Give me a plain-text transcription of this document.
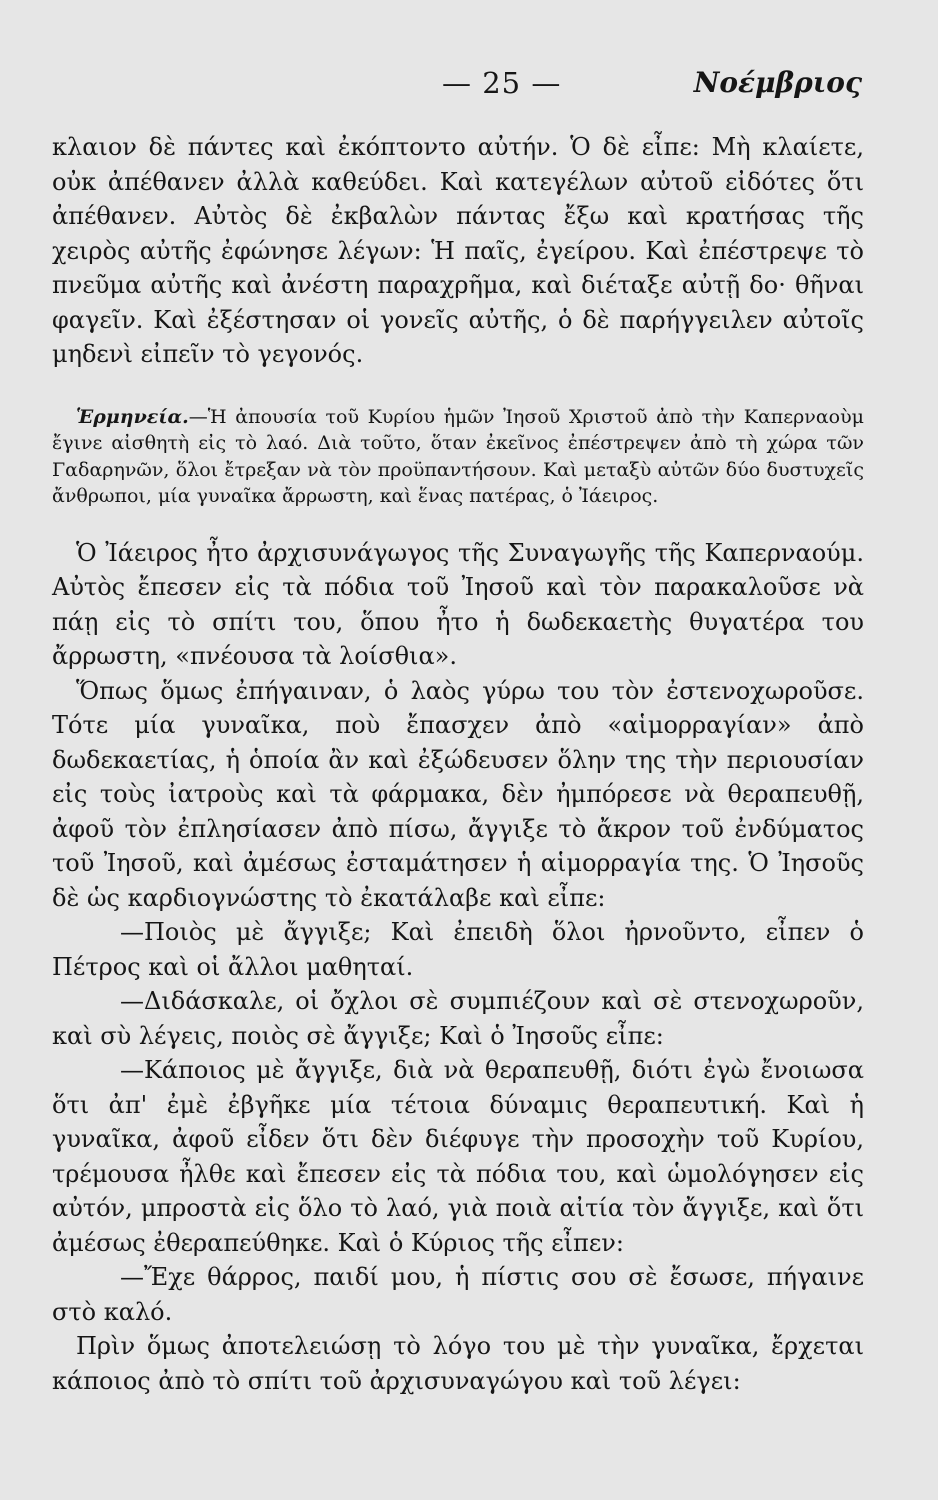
— 25 —	Νοέμβριος

κλαιον δὲ πάντες καὶ ἐκόπτοντο αὐτήν. Ὁ δὲ εἶπε: Μὴ κλαίετε, οὐκ ἀπέθανεν ἀλλὰ καθεύδει. Καὶ κατεγέλων αὐτοῦ εἰδότες ὅτι ἀπέθανεν. Αὐτὸς δὲ ἐκβαλὼν πάντας ἔξω καὶ κρατήσας τῆς χειρὸς αὐτῆς ἐφώνησε λέγων: Ἡ παῖς, ἐγείρου. Καὶ ἐπέστρεψε τὸ πνεῦμα αὐτῆς καὶ ἀνέστη παραχρῆμα, καὶ διέταξε αὐτῇ δο· θῆναι φαγεῖν. Καὶ ἐξέστησαν οἱ γονεῖς αὐτῆς, ὁ δὲ παρήγγειλεν αὐτοῖς μηδενὶ εἰπεῖν τὸ γεγονός.

Ἑρμηνεία.—Ἡ ἀπουσία τοῦ Κυρίου ἡμῶν Ἰησοῦ Χριστοῦ ἀπὸ τὴν Καπερναοὺμ ἔγινε αἰσθητὴ εἰς τὸ λαό. Διὰ τοῦτο, ὅταν ἐκεῖνος ἐπέστρεψεν ἀπὸ τὴ χώρα τῶν Γαδαρηνῶν, ὅλοι ἔτρεξαν νὰ τὸν προϋπαντήσουν. Καὶ μεταξὺ αὐτῶν δύο δυστυχεῖς ἄνθρωποι, μία γυναῖκα ἄρρωστη, καὶ ἕνας πατέρας, ὁ Ἰάειρος.

Ὁ Ἰάειρος ἦτο ἀρχισυνάγωγος τῆς Συναγωγῆς τῆς Καπερναούμ. Αὐτὸς ἔπεσεν εἰς τὰ πόδια τοῦ Ἰησοῦ καὶ τὸν παρακαλοῦσε νὰ πάῃ εἰς τὸ σπίτι του, ὅπου ἦτο ἡ δωδεκαετὴς θυγατέρα του ἄρρωστη, «πνέουσα τὰ λοίσθια».

Ὅπως ὅμως ἐπήγαιναν, ὁ λαὸς γύρω του τὸν ἐστενοχωροῦσε. Τότε μία γυναῖκα, ποὺ ἔπασχεν ἀπὸ «αἱμορραγίαν» ἀπὸ δωδεκαετίας, ἡ ὁποία ἂν καὶ ἐξώδευσεν ὅλην της τὴν περιουσίαν εἰς τοὺς ἰατροὺς καὶ τὰ φάρμακα, δὲν ἠμπόρεσε νὰ θεραπευθῇ, ἀφοῦ τὸν ἐπλησίασεν ἀπὸ πίσω, ἄγγιξε τὸ ἄκρον τοῦ ἐνδύματος τοῦ Ἰησοῦ, καὶ ἀμέσως ἐσταμάτησεν ἡ αἱμορραγία της. Ὁ Ἰησοῦς δὲ ὡς καρδιογνώστης τὸ ἐκατάλαβε καὶ εἶπε:

—Ποιὸς μὲ ἄγγιξε; Καὶ ἐπειδὴ ὅλοι ἠρνοῦντο, εἶπεν ὁ Πέτρος καὶ οἱ ἄλλοι μαθηταί.

—Διδάσκαλε, οἱ ὄχλοι σὲ συμπιέζουν καὶ σὲ στενοχωροῦν, καὶ σὺ λέγεις, ποιὸς σὲ ἄγγιξε; Καὶ ὁ Ἰησοῦς εἶπε:

—Κάποιος μὲ ἄγγιξε, διὰ νὰ θεραπευθῇ, διότι ἐγὼ ἔνοιωσα ὅτι ἀπ' ἐμὲ ἐβγῆκε μία τέτοια δύναμις θεραπευτική. Καὶ ἡ γυναῖκα, ἀφοῦ εἶδεν ὅτι δὲν διέφυγε τὴν προσοχὴν τοῦ Κυρίου, τρέμουσα ἦλθε καὶ ἔπεσεν εἰς τὰ πόδια του, καὶ ὡμολόγησεν εἰς αὐτόν, μπροστὰ εἰς ὅλο τὸ λαό, γιὰ ποιὰ αἰτία τὸν ἄγγιξε, καὶ ὅτι ἀμέσως ἐθεραπεύθηκε. Καὶ ὁ Κύριος τῆς εἶπεν:

—Ἔχε θάρρος, παιδί μου, ἡ πίστις σου σὲ ἔσωσε, πήγαινε στὸ καλό.

Πρὶν ὅμως ἀποτελειώσῃ τὸ λόγο του μὲ τὴν γυναῖκα, ἔρχεται κάποιος ἀπὸ τὸ σπίτι τοῦ ἀρχισυναγώγου καὶ τοῦ λέγει:
